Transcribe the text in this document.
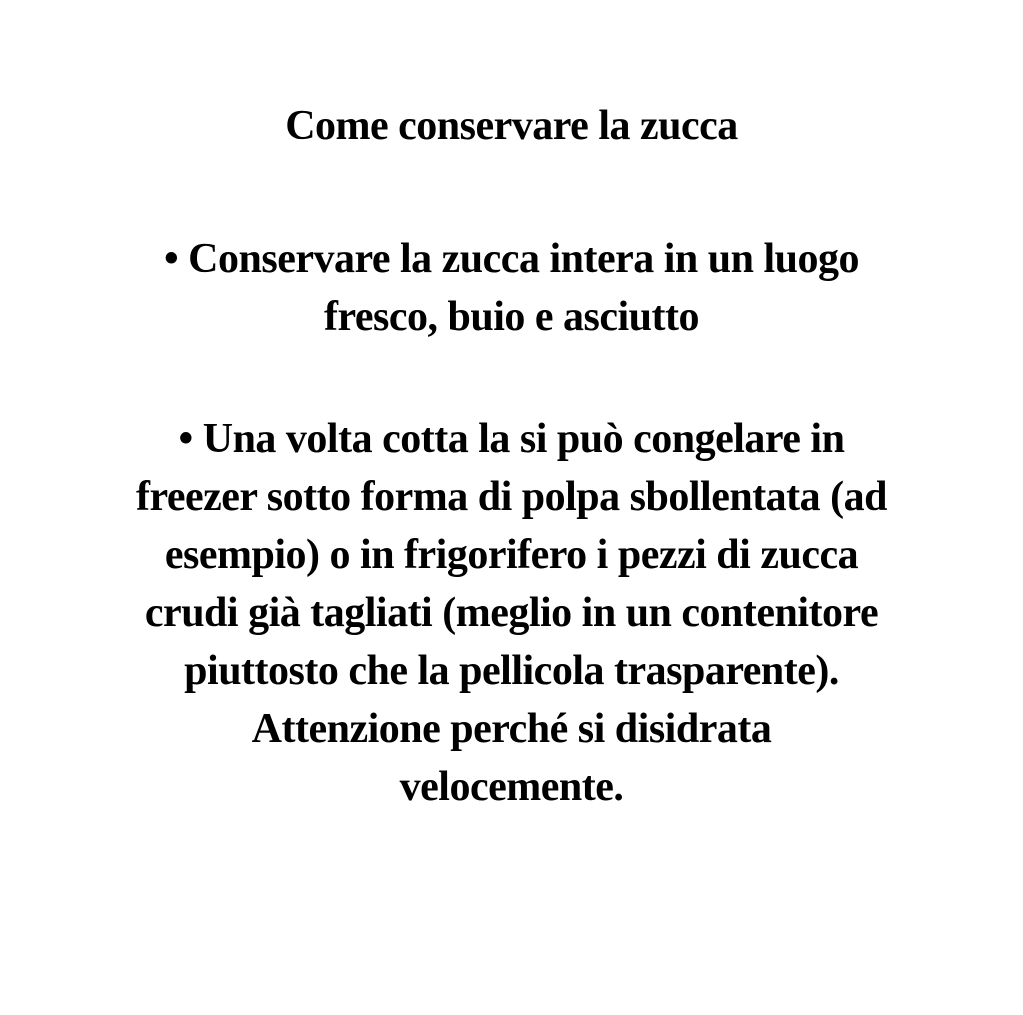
Come conservare la zucca
• Conservare la zucca intera in un luogo
fresco, buio e asciutto
• Una volta cotta la si può congelare in
freezer sotto forma di polpa sbollentata (ad
esempio) o in frigorifero i pezzi di zucca
crudi già tagliati (meglio in un contenitore
piuttosto che la pellicola trasparente).
Attenzione perché si disidrata
velocemente.
